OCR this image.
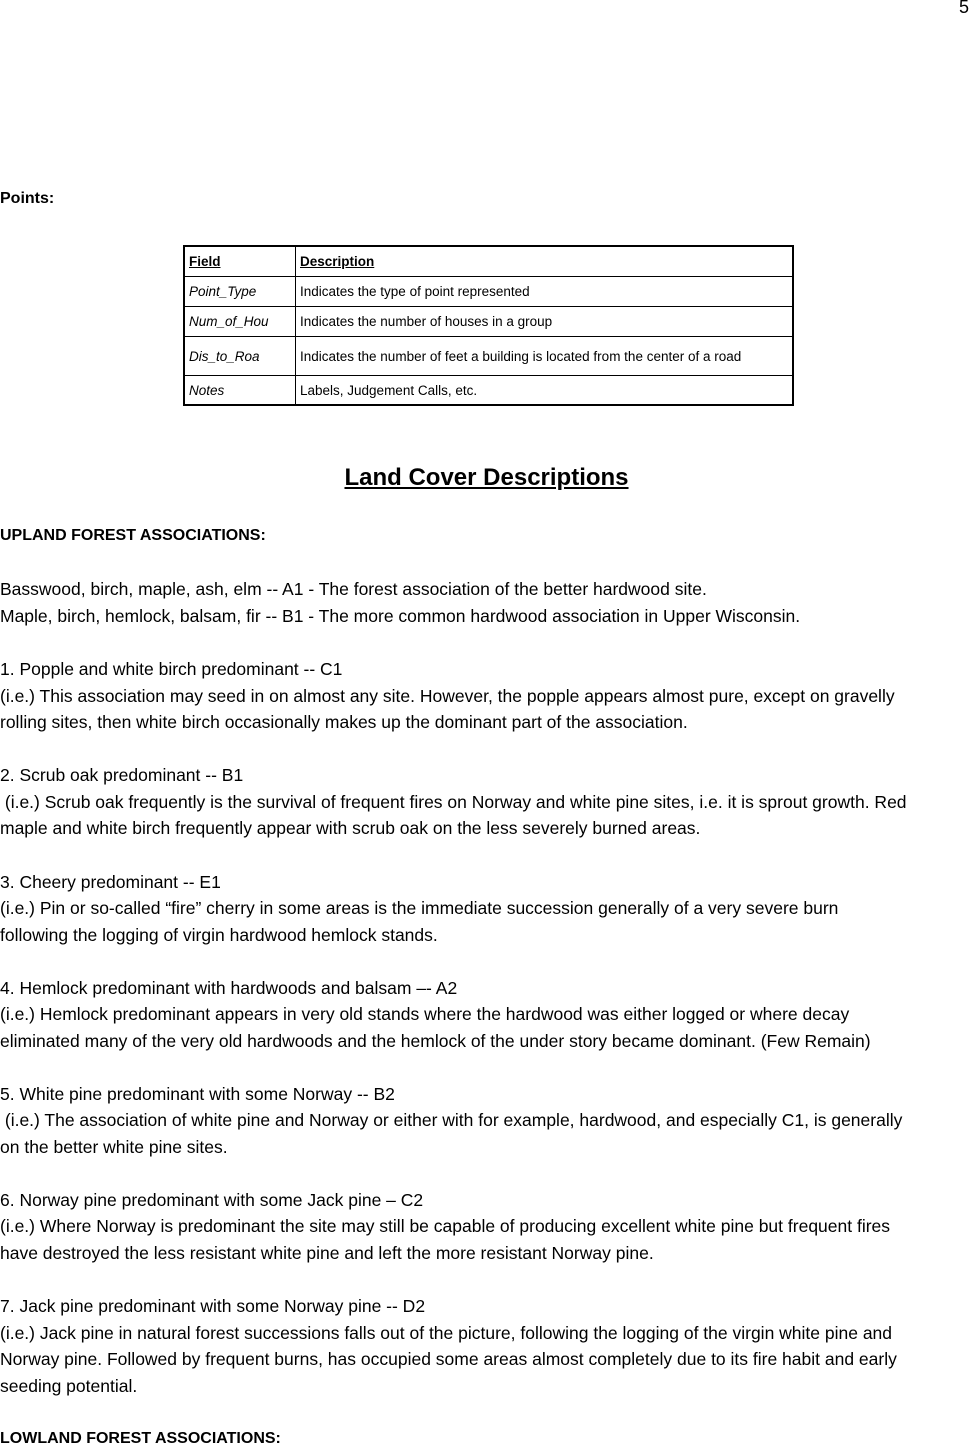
5
Points:
Field	Description
Point_Type	Indicates the type of point represented
Num_of_Hou	Indicates the number of houses in a group
Dis_to_Roa	Indicates the number of feet a building is located from the center of a road
Notes	Labels, Judgement Calls, etc.
Land Cover Descriptions
UPLAND FOREST ASSOCIATIONS:

Basswood, birch, maple, ash, elm -- A1 - The forest association of the better hardwood site.

Maple, birch, hemlock, balsam, fir -- B1 - The more common hardwood association in Upper Wisconsin.

1. Popple and white birch predominant -- C1

(i.e.) This association may seed in on almost any site. However, the popple appears almost pure, except on gravelly

rolling sites, then white birch occasionally makes up the dominant part of the association.

2. Scrub oak predominant -- B1

(i.e.) Scrub oak frequently is the survival of frequent fires on Norway and white pine sites, i.e. it is sprout growth. Red

maple and white birch frequently appear with scrub oak on the less severely burned areas.

3. Cheery predominant -- E1

(i.e.) Pin or so-called “fire” cherry in some areas is the immediate succession generally of a very severe burn

following the logging of virgin hardwood hemlock stands.

4. Hemlock predominant with hardwoods and balsam –- A2

(i.e.) Hemlock predominant appears in very old stands where the hardwood was either logged or where decay

eliminated many of the very old hardwoods and the hemlock of the under story became dominant. (Few Remain)

5. White pine predominant with some Norway -- B2

(i.e.) The association of white pine and Norway or either with for example, hardwood, and especially C1, is generally

on the better white pine sites.

6. Norway pine predominant with some Jack pine – C2

(i.e.) Where Norway is predominant the site may still be capable of producing excellent white pine but frequent fires

have destroyed the less resistant white pine and left the more resistant Norway pine.

7. Jack pine predominant with some Norway pine -- D2

(i.e.) Jack pine in natural forest successions falls out of the picture, following the logging of the virgin white pine and

Norway pine. Followed by frequent burns, has occupied some areas almost completely due to its fire habit and early

seeding potential.

LOWLAND FOREST ASSOCIATIONS:
